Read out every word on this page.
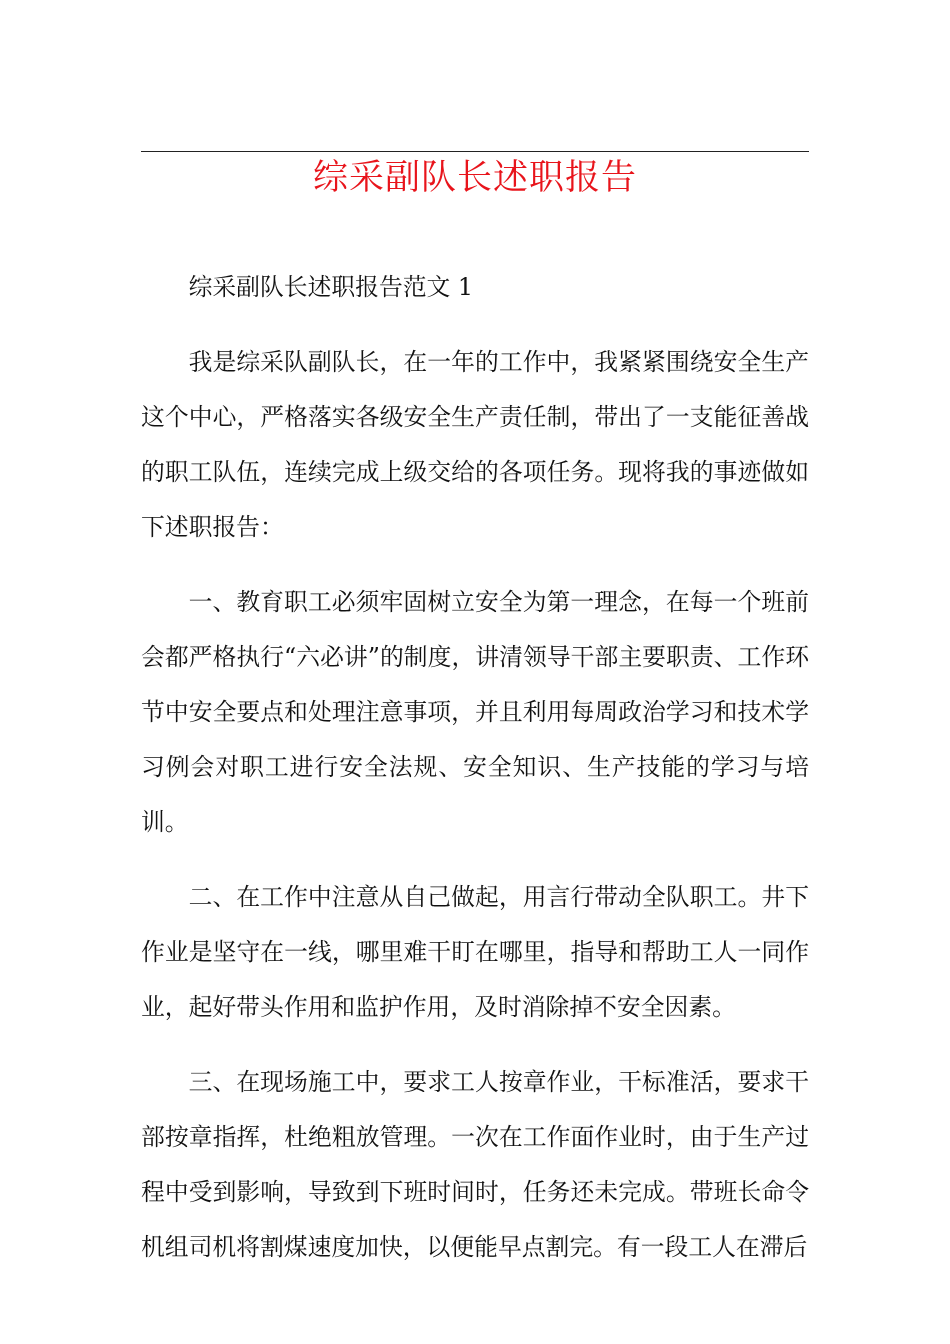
综采副队长述职报告

综采副队长述职报告范文 1

我是综采队副队长，在一年的工作中，我紧紧围绕安全生产这个中心，严格落实各级安全生产责任制，带出了一支能征善战的职工队伍，连续完成上级交给的各项任务。现将我的事迹做如下述职报告：

一、教育职工必须牢固树立安全为第一理念，在每一个班前会都严格执行“六必讲”的制度，讲清领导干部主要职责、工作环节中安全要点和处理注意事项，并且利用每周政治学习和技术学习例会对职工进行安全法规、安全知识、生产技能的学习与培训。

二、在工作中注意从自己做起，用言行带动全队职工。井下作业是坚守在一线，哪里难干盯在哪里，指导和帮助工人一同作业，起好带头作用和监护作用，及时消除掉不安全因素。

三、在现场施工中，要求工人按章作业，干标准活，要求干部按章指挥，杜绝粗放管理。一次在工作面作业时，由于生产过程中受到影响，导致到下班时间时，任务还未完成。带班长命令机组司机将割煤速度加快，以便能早点割完。有一段工人在滞后
